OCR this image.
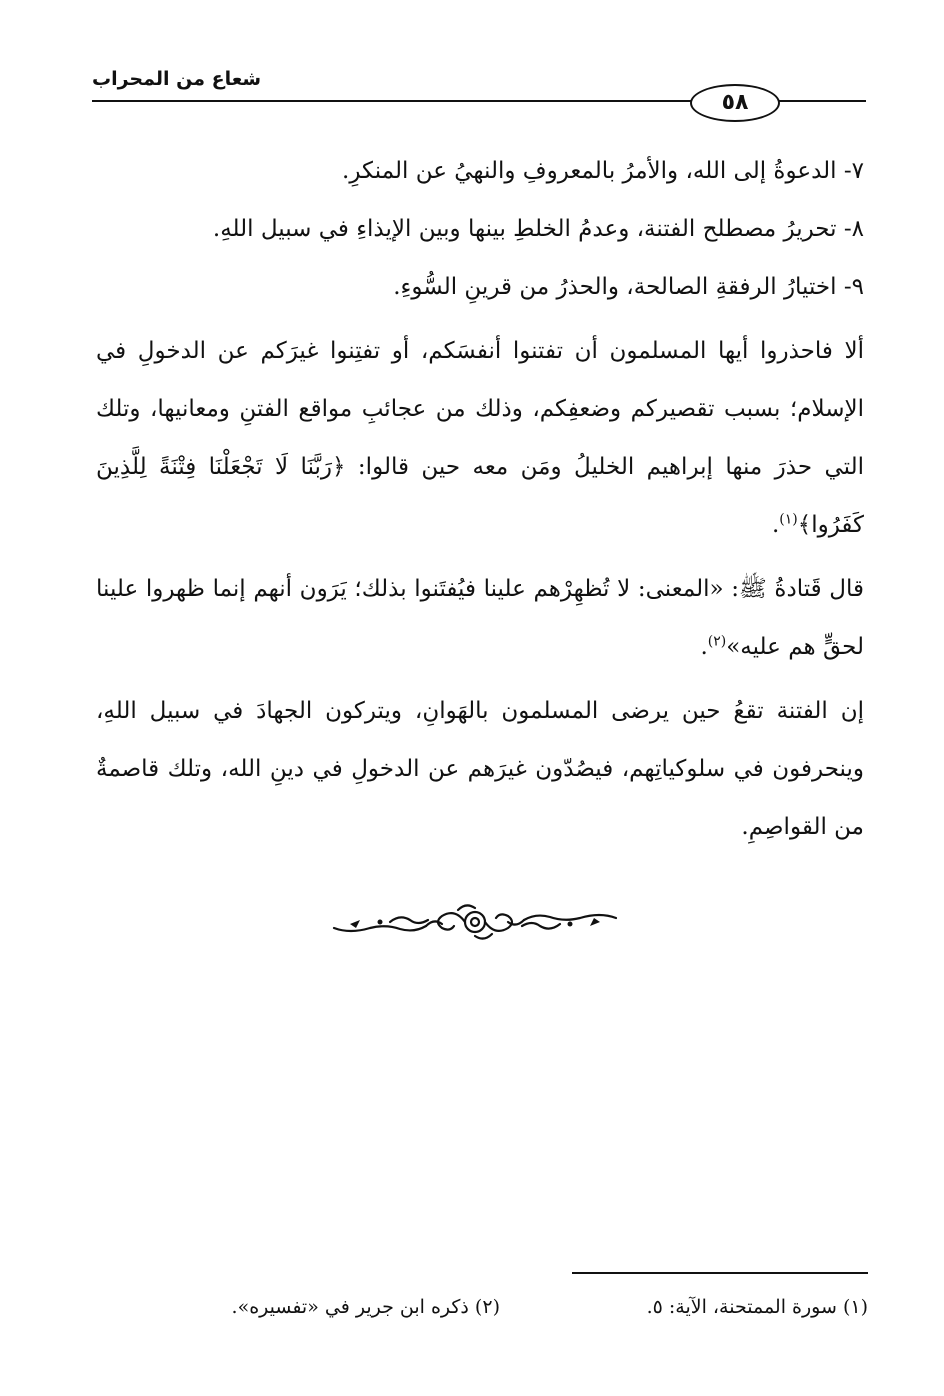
شعاع من المحراب
٥٨

٧- الدعوةُ إلى الله، والأمرُ بالمعروفِ والنهيُ عن المنكرِ.

٨- تحريرُ مصطلح الفتنة، وعدمُ الخلطِ بينها وبين الإيذاءِ في سبيل اللهِ.

٩- اختيارُ الرفقةِ الصالحة، والحذرُ من قرينِ السُّوءِ.

ألا فاحذروا أيها المسلمون أن تفتنوا أنفسَكم، أو تفتِنوا غيرَكم عن الدخولِ في الإسلام؛ بسبب تقصيركم وضعفِكم، وذلك من عجائبِ مواقع الفتنِ ومعانيها، وتلك التي حذرَ منها إبراهيم الخليلُ ومَن معه حين قالوا: ﴿رَبَّنَا لَا تَجْعَلْنَا فِتْنَةً لِلَّذِينَ كَفَرُوا﴾$^{(١)}$.

قال قَتادةُ ﷺ: «المعنى: لا تُظهِرْهم علينا فيُفتَنوا بذلك؛ يَرَون أنهم إنما ظهروا علينا لحقٍّ هم عليه»$^{(٢)}$.

إن الفتنة تقعُ حين يرضى المسلمون بالهَوانِ، ويتركون الجهادَ في سبيل اللهِ، وينحرفون في سلوكياتِهم، فيصُدّون غيرَهم عن الدخولِ في دينِ الله، وتلك قاصمةٌ من القواصِمِ.

(١) سورة الممتحنة، الآية: ٥.
(٢) ذكره ابن جرير في «تفسيره».
